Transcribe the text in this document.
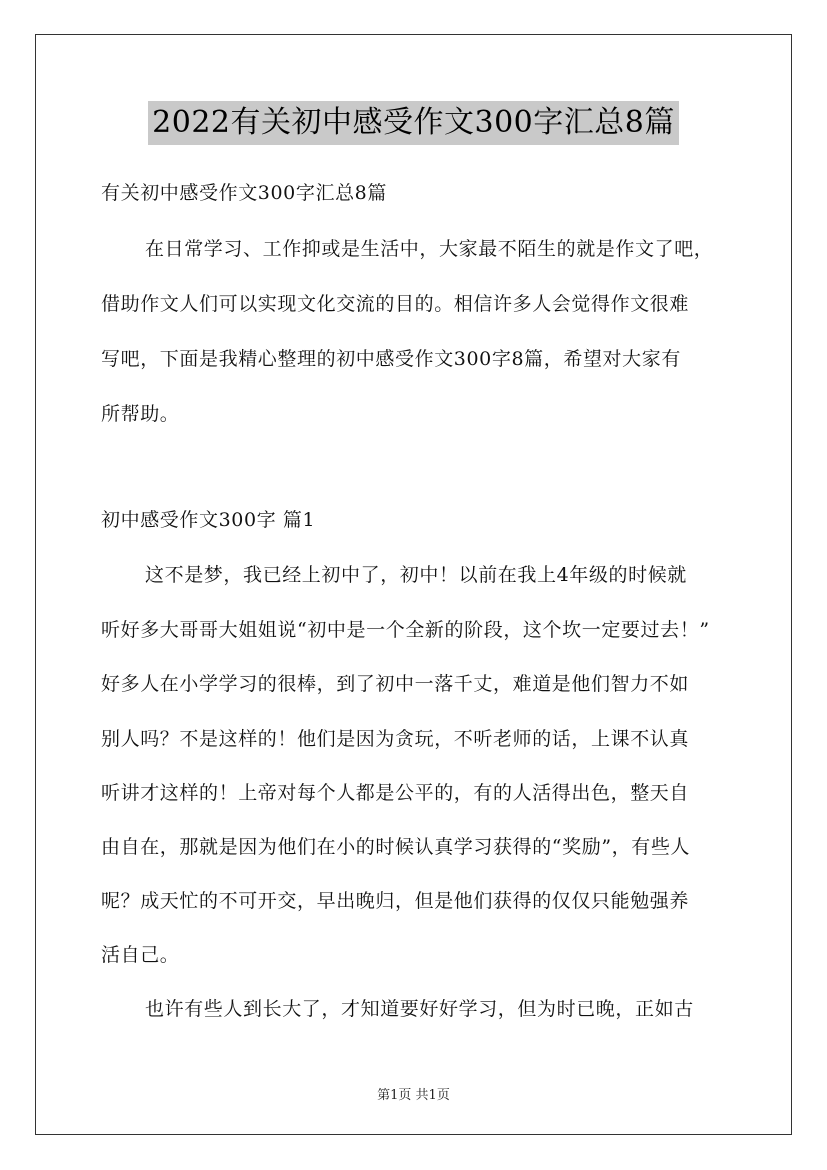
2022有关初中感受作文300字汇总8篇
有关初中感受作文300字汇总8篇
在日常学习、工作抑或是生活中，大家最不陌生的就是作文了吧，
借助作文人们可以实现文化交流的目的。相信许多人会觉得作文很难
写吧，下面是我精心整理的初中感受作文300字8篇，希望对大家有
所帮助。
初中感受作文300字 篇1
这不是梦，我已经上初中了，初中！以前在我上4年级的时候就
听好多大哥哥大姐姐说“初中是一个全新的阶段，这个坎一定要过去！”
好多人在小学学习的很棒，到了初中一落千丈，难道是他们智力不如
别人吗？不是这样的！他们是因为贪玩，不听老师的话，上课不认真
听讲才这样的！上帝对每个人都是公平的，有的人活得出色，整天自
由自在，那就是因为他们在小的时候认真学习获得的“奖励”，有些人
呢？成天忙的不可开交，早出晚归，但是他们获得的仅仅只能勉强养
活自己。
也许有些人到长大了，才知道要好好学习，但为时已晚，正如古
第1页 共1页
